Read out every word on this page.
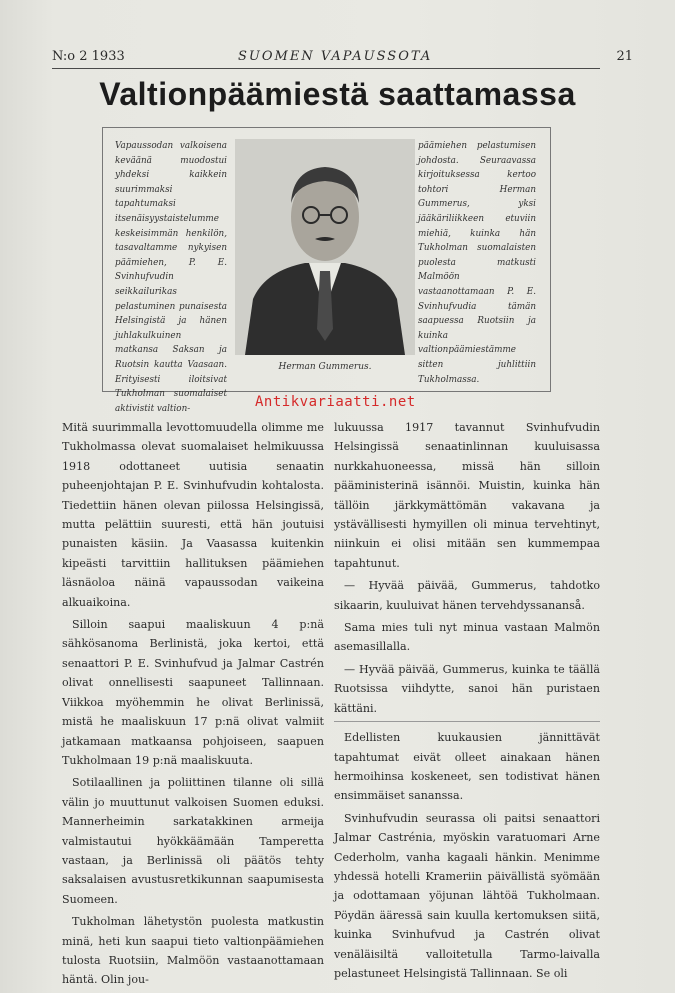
N:o 2 1933	SUOMEN VAPAUSSOTA	21
Valtionpäämiestä saattamassa
Vapaussodan valkoisena keväänä muodostui yhdeksi kaikkein suurimmaksi tapahtumaksi itsenäisyystaistelumme keskeisimmän henkilön, tasavaltamme nykyisen päämiehen, P. E. Svinhufvudin seikkailurikas pelastuminen punaisesta Helsingistä ja hänen juhlakulkuinen matkansa Saksan ja Ruotsin kautta Vaasaan. Erityisesti iloitsivat Tukholman suomalaiset aktivistit valtion-
päämiehen pelastumisen johdosta. Seuraavassa kirjoituksessa kertoo tohtori Herman Gummerus, yksi jääkäriliikkeen etuviin miehiä, kuinka hän Tukholman suomalaisten puolesta matkusti Malmöön vastaanottamaan P. E. Svinhufvudia tämän saapuessa Ruotsiin ja kuinka valtionpäämiestämme sitten juhlittiin Tukholmassa.
Herman Gummerus.
Antikvariaatti.net

Mitä suurimmalla levottomuudella olimme me Tukholmassa olevat suomalaiset helmikuussa 1918 odottaneet uutisia senaatin puheenjohtajan P. E. Svinhufvudin kohtalosta. Tiedettiin hänen olevan piilossa Helsingissä, mutta pelättiin suuresti, että hän joutuisi punaisten käsiin. Ja Vaasassa kuitenkin kipeästi tarvittiin hallituksen päämiehen läsnäoloa näinä vapaussodan vaikeina alkuaikoina.

Silloin saapui maaliskuun 4 p:nä sähkösanoma Berlinistä, joka kertoi, että senaattori P. E. Svinhufvud ja Jalmar Castrén olivat onnellisesti saapuneet Tallinnaan. Viikkoa myöhemmin he olivat Berlinissä, mistä he maaliskuun 17 p:nä olivat valmiit jatkamaan matkaansa pohjoiseen, saapuen Tukholmaan 19 p:nä maaliskuuta.

Sotilaallinen ja poliittinen tilanne oli sillä välin jo muuttunut valkoisen Suomen eduksi. Mannerheimin sarkatakkinen armeija valmistautui hyökkäämään Tamperetta vastaan, ja Berlinissä oli päätös tehty saksalaisen avustusretkikunnan saapumisesta Suomeen.

Tukholman lähetystön puolesta matkustin minä, heti kun saapui tieto valtionpäämiehen tulosta Ruotsiin, Malmöön vastaanottamaan häntä. Olin jou-

lukuussa 1917 tavannut Svinhufvudin Helsingissä senaatinlinnan kuuluisassa nurkkahuoneessa, missä hän silloin pääministerinä isännöi. Muistin, kuinka hän tällöin järkkymättömän vakavana ja ystävällisesti hymyillen oli minua tervehtinyt, niinkuin ei olisi mitään sen kummempaa tapahtunut.

— Hyvää päivää, Gummerus, tahdotko sikaarin, kuuluivat hänen tervehdyssananså.

Sama mies tuli nyt minua vastaan Malmön asemasillalla.

— Hyvää päivää, Gummerus, kuinka te täällä Ruotsissa viihdytte, sanoi hän puristaen kättäni.

Edellisten kuukausien jännittävät tapahtumat eivät olleet ainakaan hänen hermoihinsa koskeneet, sen todistivat hänen ensimmäiset sananssa.

Svinhufvudin seurassa oli paitsi senaattori Jalmar Castrénia, myöskin varatuomari Arne Cederholm, vanha kagaali hänkin. Menimme yhdessä hotelli Krameriin päivällistä syömään ja odottamaan yöjunan lähtöä Tukholmaan. Pöydän ääressä sain kuulla kertomuksen siitä, kuinka Svinhufvud ja Castrén olivat venäläisiltä valloitetulla Tarmo-laivalla pelastuneet Helsingistä Tallinnaan. Se oli
